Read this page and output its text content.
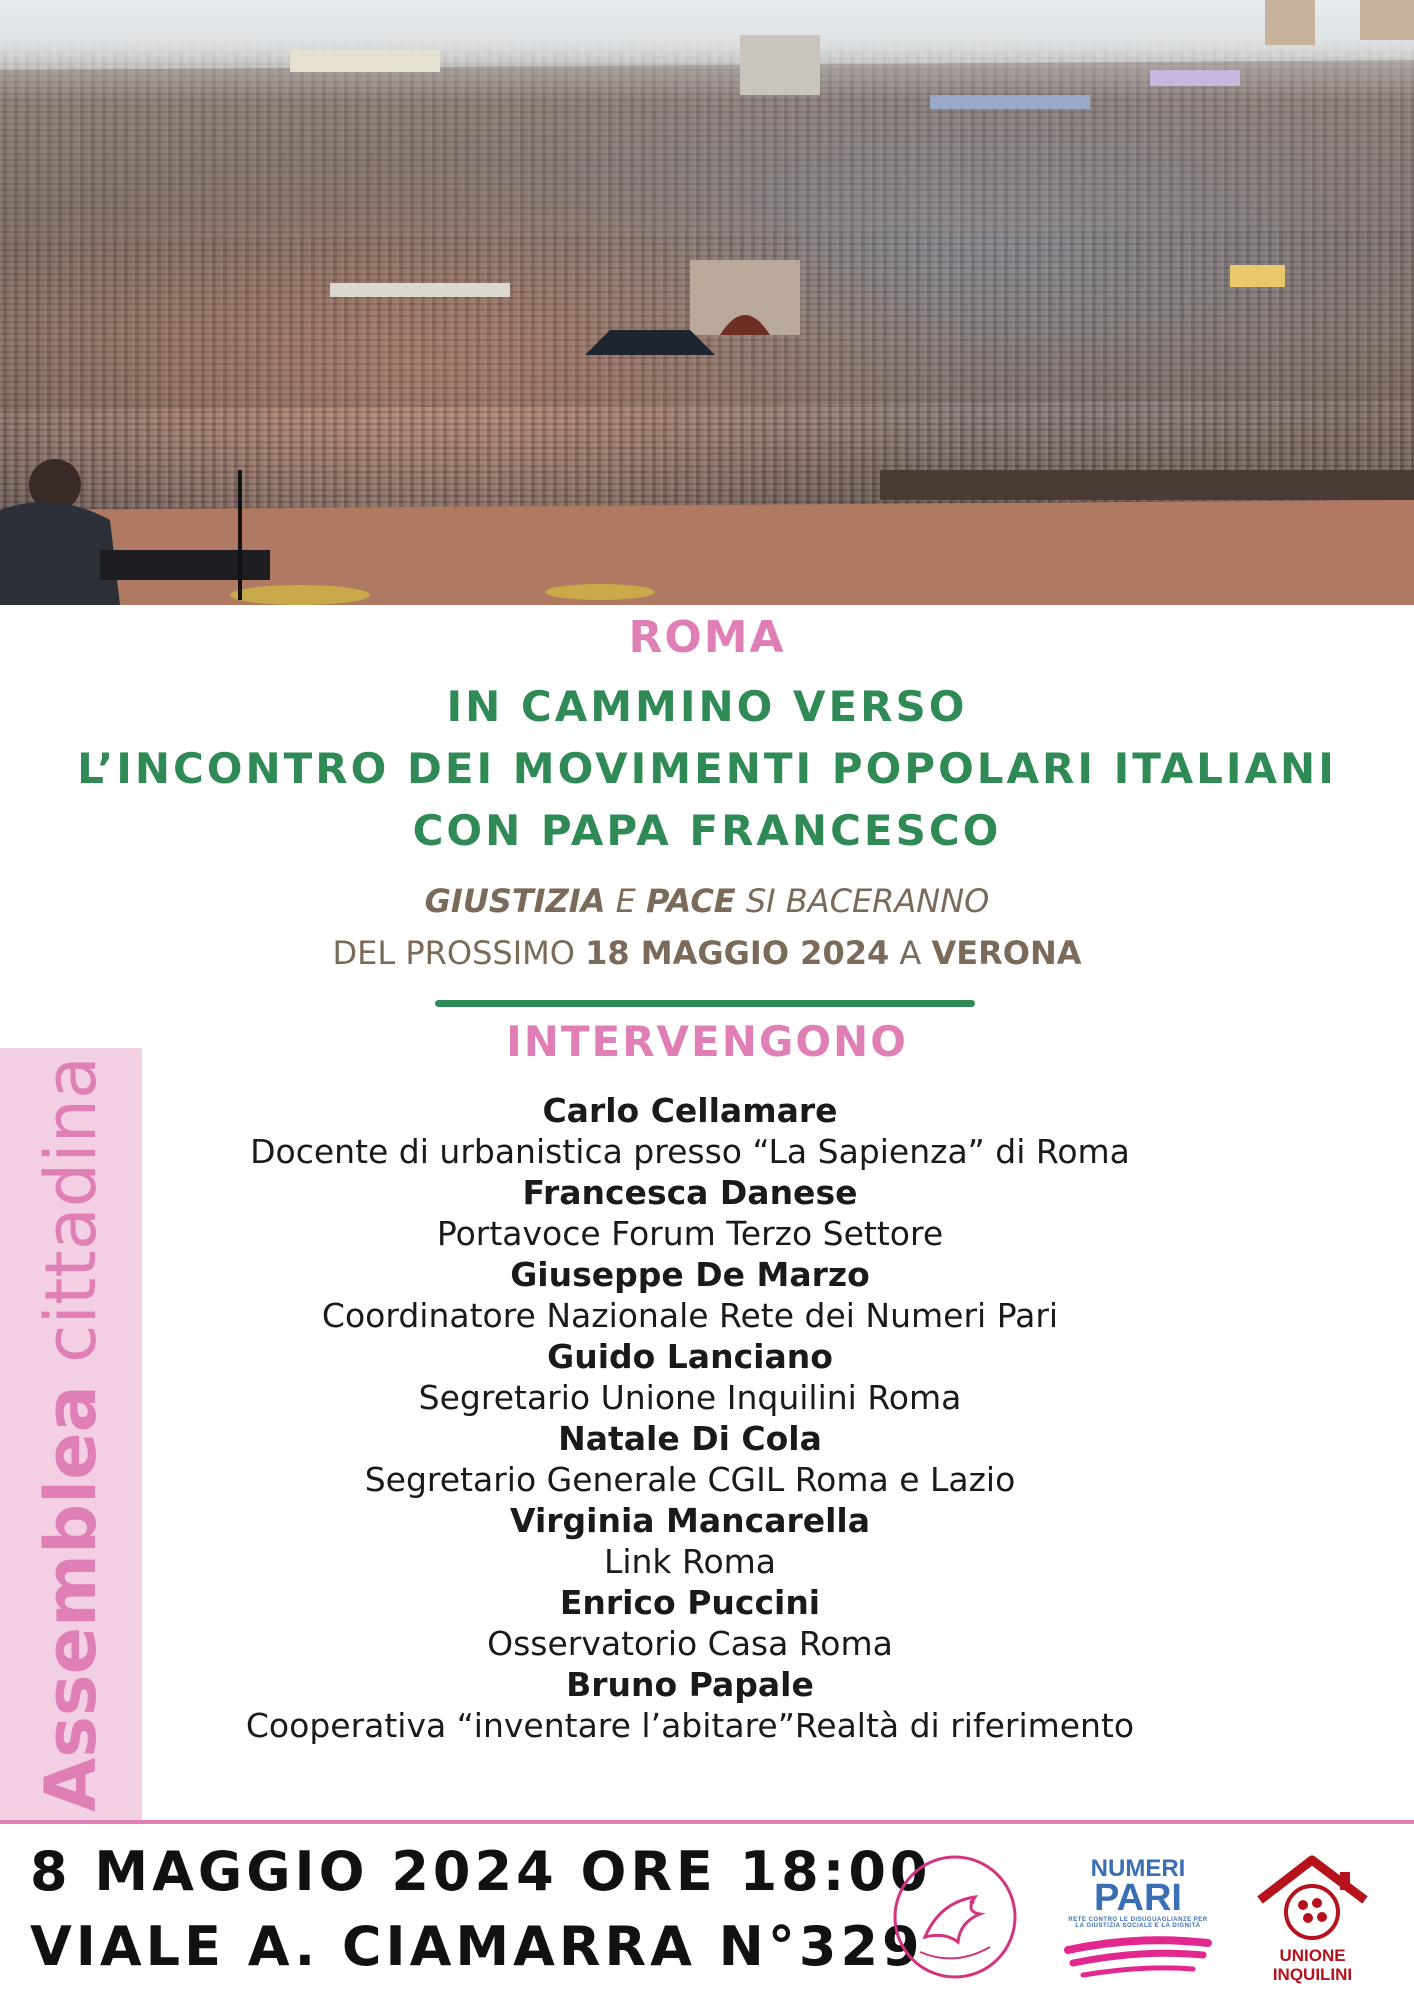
ROMA
IN CAMMINO VERSO
L’INCONTRO DEI MOVIMENTI POPOLARI ITALIANI
CON PAPA FRANCESCO
GIUSTIZIA E PACE SI BACERANNO
DEL PROSSIMO 18 MAGGIO 2024 A VERONA
INTERVENGONO
Assemblea cittadina	Carlo Cellamare
Docente di urbanistica presso “La Sapienza” di Roma
Francesca Danese
Portavoce Forum Terzo Settore
Giuseppe De Marzo
Coordinatore Nazionale Rete dei Numeri Pari
Guido Lanciano
Segretario Unione Inquilini Roma
Natale Di Cola
Segretario Generale CGIL Roma e Lazio
Virginia Mancarella
Link Roma
Enrico Puccini
Osservatorio Casa Roma
Bruno Papale
Cooperativa “inventare l’abitare”Realtà di riferimento
8 MAGGIO 2024 ORE 18:00
VIALE A. CIAMARRA N°329
NUMERI
PARI
RETE CONTRO LE DISUGUAGLIANZE PER LA GIUSTIZIA SOCIALE E LA DIGNITÀ
UNIONE
INQUILINI
